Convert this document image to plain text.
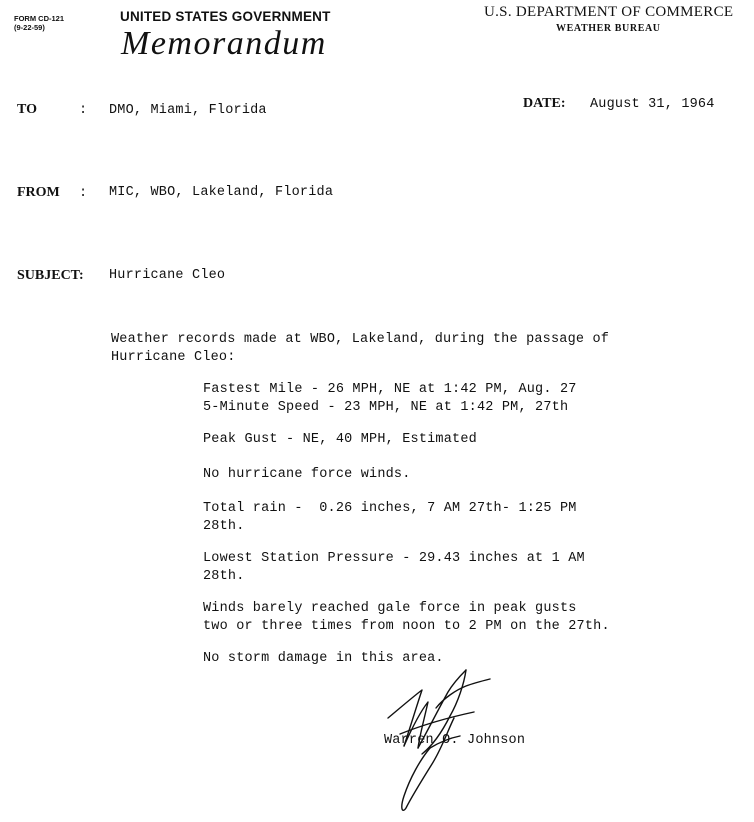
FORM CD-121
(9-22-59)
UNITED STATES GOVERNMENT
Memorandum
U.S. DEPARTMENT OF COMMERCE
WEATHER BUREAU
TO	: DMO, Miami, Florida	DATE: August 31, 1964
FROM : MIC, WBO, Lakeland, Florida
SUBJECT: Hurricane Cleo
Weather records made at WBO, Lakeland, during the passage of
Hurricane Cleo:
Fastest Mile - 26 MPH, NE at 1:42 PM, Aug. 27
5-Minute Speed - 23 MPH, NE at 1:42 PM, 27th
Peak Gust - NE, 40 MPH, Estimated
No hurricane force winds.
Total rain -  0.26 inches, 7 AM 27th- 1:25 PM
28th.
Lowest Station Pressure - 29.43 inches at 1 AM
28th.
Winds barely reached gale force in peak gusts
two or three times from noon to 2 PM on the 27th.
No storm damage in this area.
Warren O. Johnson
